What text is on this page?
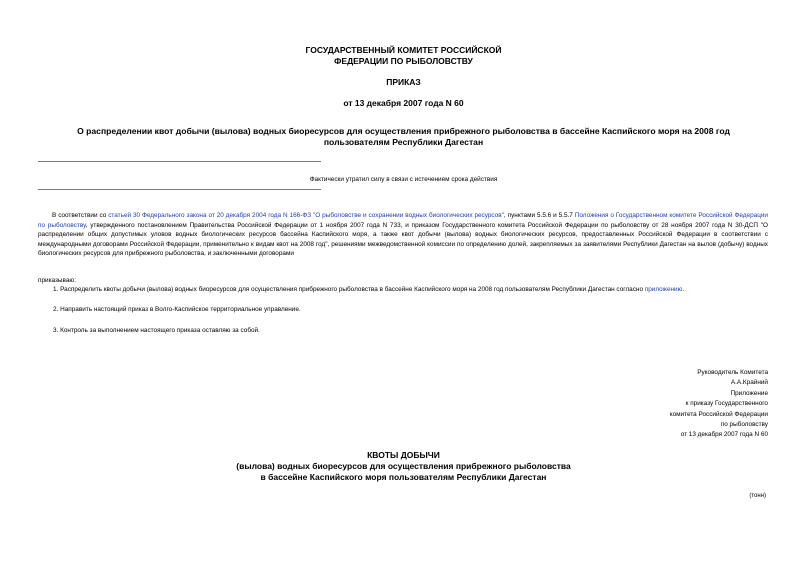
ГОСУДАРСТВЕННЫЙ КОМИТЕТ РОССИЙСКОЙ
ФЕДЕРАЦИИ ПО РЫБОЛОВСТВУ
ПРИКАЗ
от 13 декабря 2007 года N 60
О распределении квот добычи (вылова) водных биоресурсов для осуществления прибрежного рыболовства в бассейне Каспийского моря на 2008 год
пользователям Республики Дагестан
Фактически утратил силу в связи с истечением срока действия
В соответствии со статьей 30 Федерального закона от 20 декабря 2004 года N 166-ФЗ "О рыболовстве и сохранении водных биологических ресурсов", пунктами 5.5.6 и 5.5.7 Положения о Государственном комитете Российской Федерации по рыболовству, утвержденного постановлением Правительства Российской Федерации от 1 ноября 2007 года N 733, и приказом Государственного комитета Российской Федерации по рыболовству от 28 ноября 2007 года N 30-ДСП "О распределении общих допустимых уловов водных биологических ресурсов бассейна Каспийского моря, а также квот добычи (вылова) водных биологических ресурсов, предоставленных Российской Федерации в соответствии с международными договорами Российской Федерации, применительно к видам квот на 2008 год", решениями межведомственной комиссии по определению долей, закрепляемых за заявителями Республики Дагестан на вылов (добычу) водных биологических ресурсов для прибрежного рыболовства, и заключенными договорами
приказываю:
1. Распределить квоты добычи (вылова) водных биоресурсов для осуществления прибрежного рыболовства в бассейне Каспийского моря на 2008 год пользователям Республики Дагестан согласно приложению.
2. Направить настоящий приказ в Волго-Каспийское территориальное управление.
3. Контроль за выполнением настоящего приказа оставляю за собой.
Руководитель Комитета
А.А.Крайний
Приложение
к приказу Государственного
комитета Российской Федерации
по рыболовству
от 13 декабря 2007 года N 60
КВОТЫ ДОБЫЧИ
(вылова) водных биоресурсов для осуществления прибрежного рыболовства
в бассейне Каспийского моря пользователям Республики Дагестан
(тонн)
